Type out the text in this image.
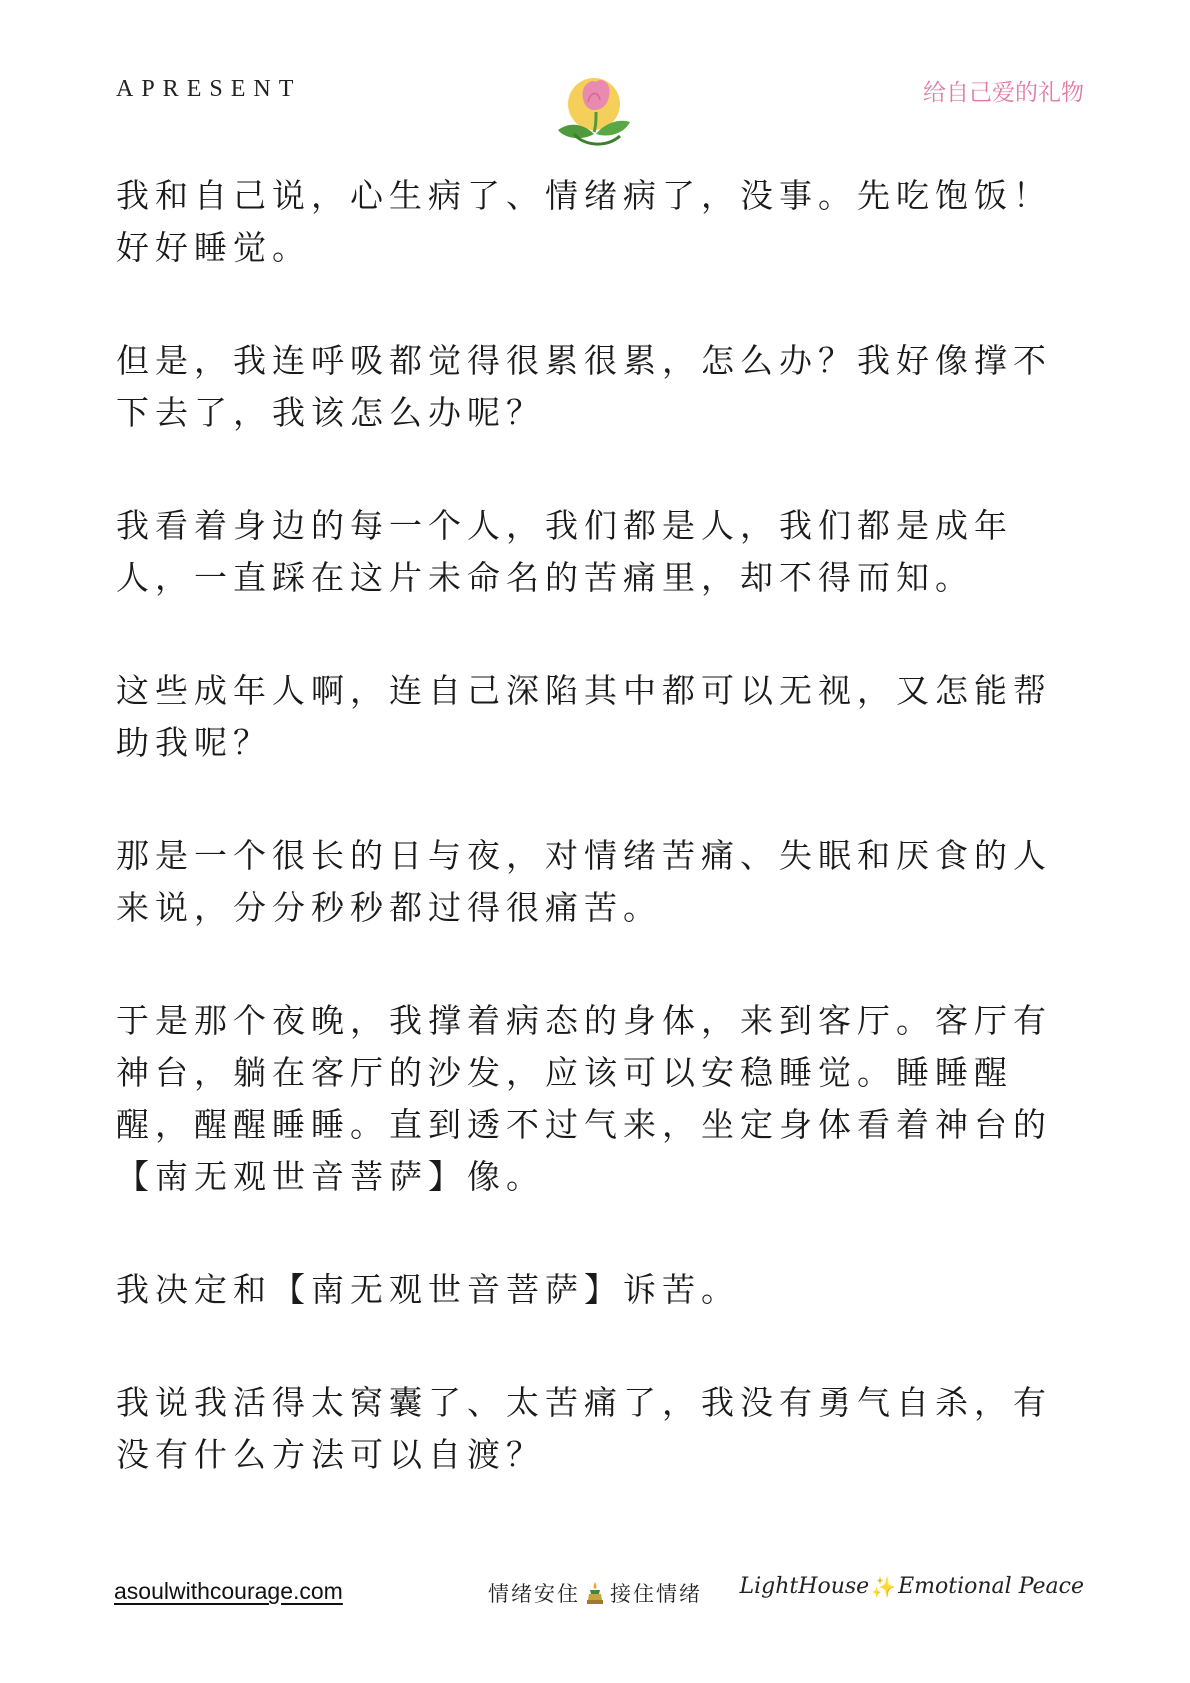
APRESENT	给自己爱的礼物

我和自己说，心生病了、情绪病了，没事。先吃饱饭！好好睡觉。

但是，我连呼吸都觉得很累很累，怎么办？我好像撑不下去了，我该怎么办呢？

我看着身边的每一个人，我们都是人，我们都是成年人，一直踩在这片未命名的苦痛里，却不得而知。

这些成年人啊，连自己深陷其中都可以无视，又怎能帮助我呢？

那是一个很长的日与夜，对情绪苦痛、失眠和厌食的人来说，分分秒秒都过得很痛苦。

于是那个夜晚，我撑着病态的身体，来到客厅。客厅有神台，躺在客厅的沙发，应该可以安稳睡觉。睡睡醒醒，醒醒睡睡。直到透不过气来，坐定身体看着神台的【南无观世音菩萨】像。

我决定和【南无观世音菩萨】诉苦。

我说我活得太窝囊了、太苦痛了，我没有勇气自杀，有没有什么方法可以自渡？

asoulwithcourage.com	情绪安住 接住情绪 LightHouse ✨ Emotional Peace
